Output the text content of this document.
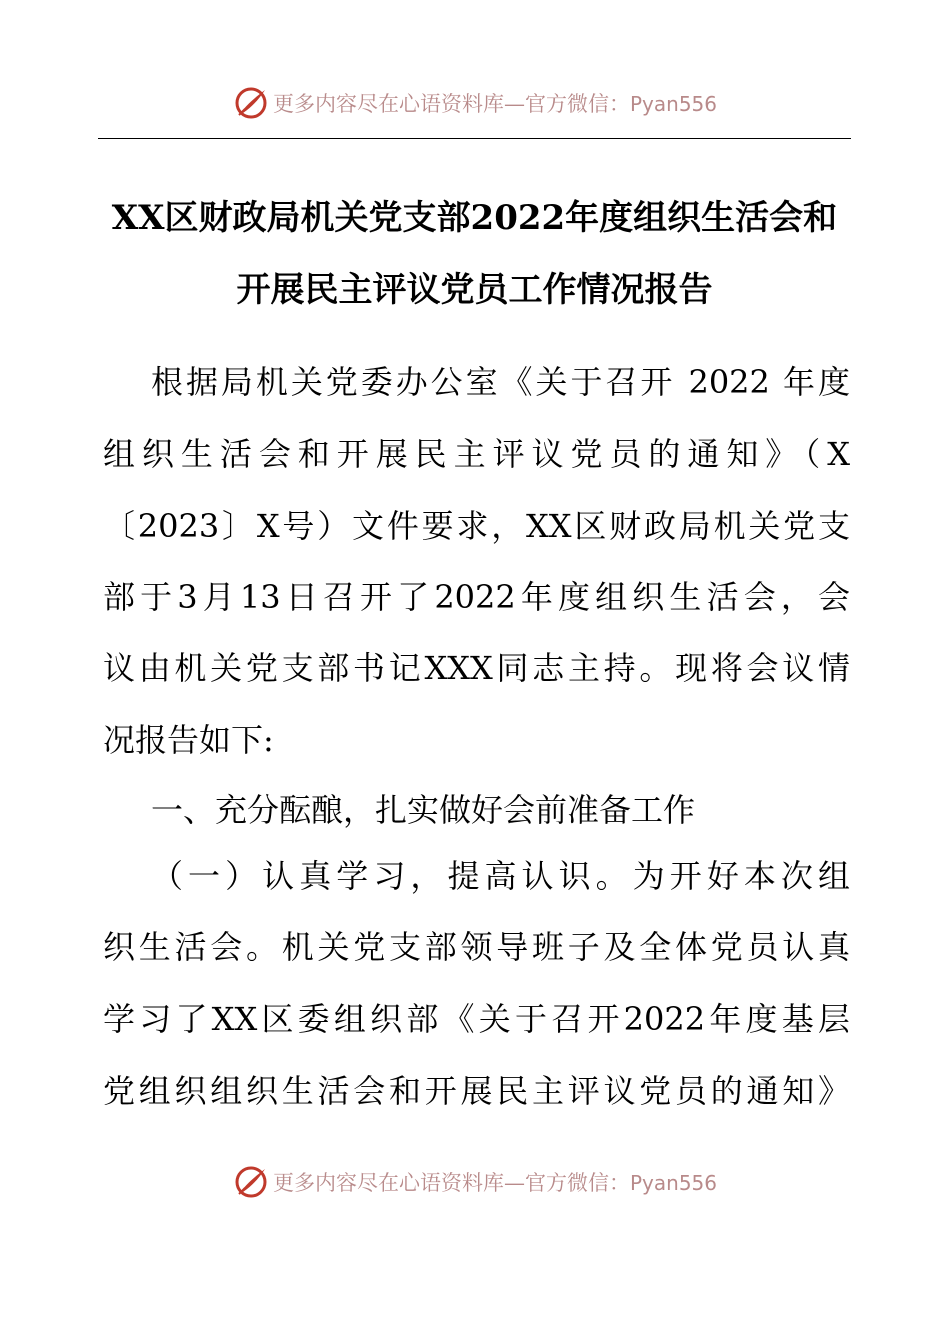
更多内容尽在心语资料库—官方微信：Pyan556
XX区财政局机关党支部2022年度组织生活会和
开展民主评议党员工作情况报告
根据局机关党委办公室《关于召开 2022 年度
组织生活会和开展民主评议党员的通知》（X
〔2023〕X号）文件要求，XX区财政局机关党支
部于3月13日召开了2022年度组织生活会，会
议由机关党支部书记XXX同志主持。现将会议情
况报告如下:
一、充分酝酿，扎实做好会前准备工作
（一）认真学习，提高认识。为开好本次组
织生活会。机关党支部领导班子及全体党员认真
学习了XX区委组织部《关于召开2022年度基层
党组织组织生活会和开展民主评议党员的通知》
更多内容尽在心语资料库—官方微信：Pyan556
